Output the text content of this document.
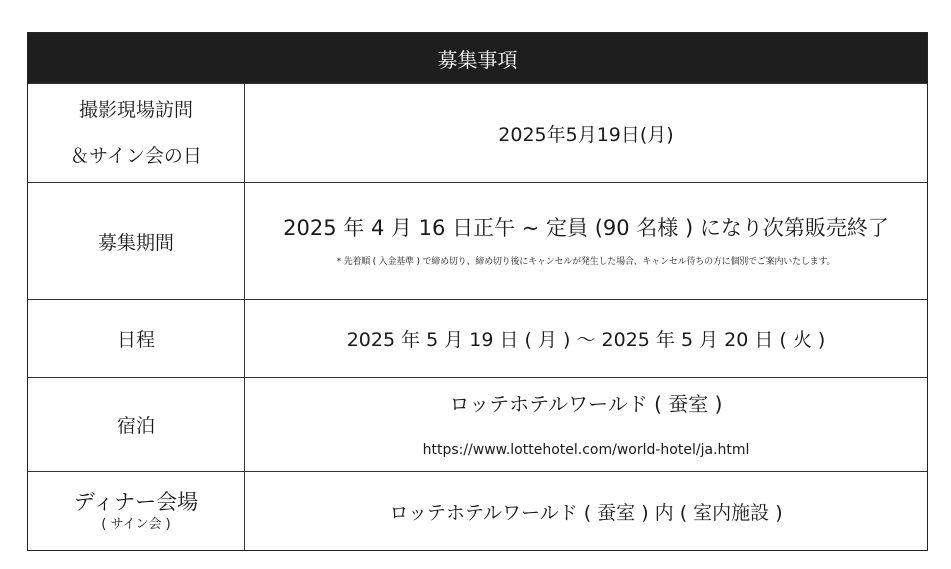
募集事項
撮影現場訪問
＆サイン会の日
2025年5月19日(月)
募集期間
2025 年 4 月 16 日正午 ~ 定員 (90 名様 ) になり次第販売終了
* 先着順 ( 入金基準 ) で締め切り、締め切り後にキャンセルが発生した場合、キャンセル待ちの方に個別でご案内いたします。
日程	2025 年 5 月 19 日 ( 月 ) 〜 2025 年 5 月 20 日 ( 火 )
宿泊
ロッテホテルワールド ( 蚕室 )
https://www.lottehotel.com/world-hotel/ja.html
ディナー会場
( サイン会 )
ロッテホテルワールド ( 蚕室 ) 内 ( 室内施設 )
